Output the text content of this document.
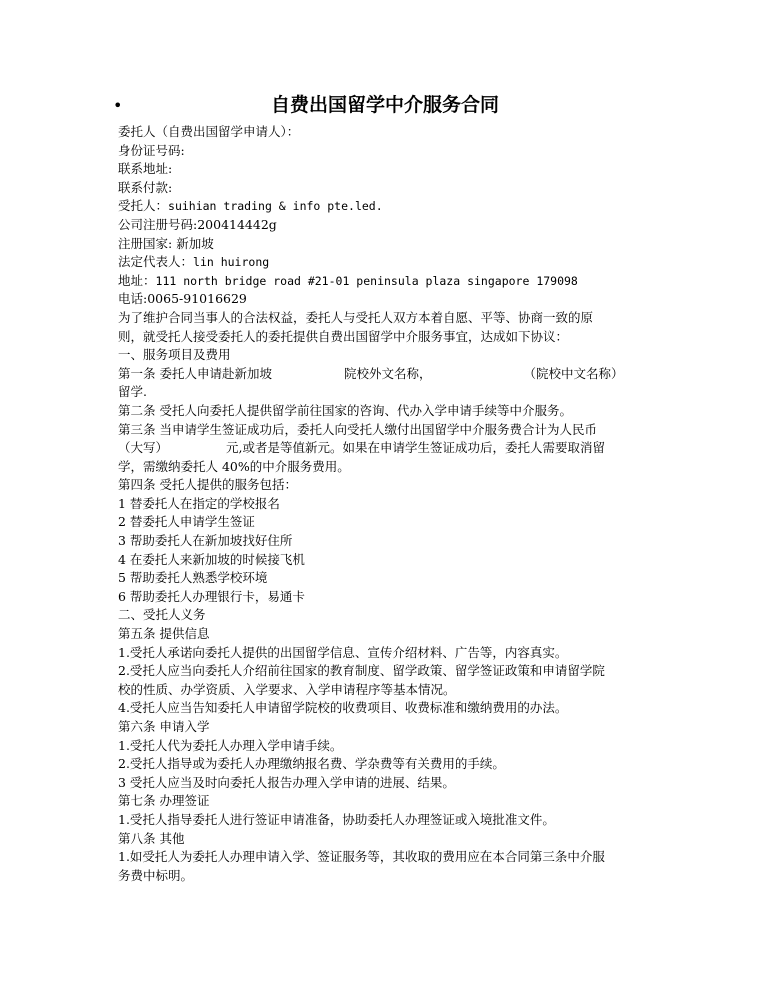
•	自费出国留学中介服务合同
委托人（自费出国留学申请人）：
身份证号码:
联系地址:
联系付款:
受托人：suihian trading & info pte.led.
公司注册号码:200414442g
注册国家: 新加坡
法定代表人：lin huirong
地址：111 north bridge road #21-01 peninsula plaza singapore 179098
电话:0065-91016629
为了维护合同当事人的合法权益，委托人与受托人双方本着自愿、平等、协商一致的原
则，就受托人接受委托人的委托提供自费出国留学中介服务事宜，达成如下协议：
一、服务项目及费用
第一条 委托人申请赴新加坡	院校外文名称，	（院校中文名称）
留学.
第二条 受托人向委托人提供留学前往国家的咨询、代办入学申请手续等中介服务。
第三条 当申请学生签证成功后，委托人向受托人缴付出国留学中介服务费合计为人民币
（大写）	元,或者是等值新元。如果在申请学生签证成功后，委托人需要取消留
学，需缴纳委托人 40%的中介服务费用。
第四条 受托人提供的服务包括：
1 替委托人在指定的学校报名
2 替委托人申请学生签证
3 帮助委托人在新加坡找好住所
4 在委托人来新加坡的时候接飞机
5 帮助委托人熟悉学校环境
6 帮助委托人办理银行卡，易通卡
二、受托人义务
第五条 提供信息
1.受托人承诺向委托人提供的出国留学信息、宣传介绍材料、广告等，内容真实。
2.受托人应当向委托人介绍前往国家的教育制度、留学政策、留学签证政策和申请留学院
校的性质、办学资质、入学要求、入学申请程序等基本情况。
4.受托人应当告知委托人申请留学院校的收费项目、收费标准和缴纳费用的办法。
第六条 申请入学
1.受托人代为委托人办理入学申请手续。
2.受托人指导或为委托人办理缴纳报名费、学杂费等有关费用的手续。
3 受托人应当及时向委托人报告办理入学申请的进展、结果。
第七条 办理签证
1.受托人指导委托人进行签证申请准备，协助委托人办理签证或入境批准文件。
第八条 其他
1.如受托人为委托人办理申请入学、签证服务等，其收取的费用应在本合同第三条中介服
务费中标明。
